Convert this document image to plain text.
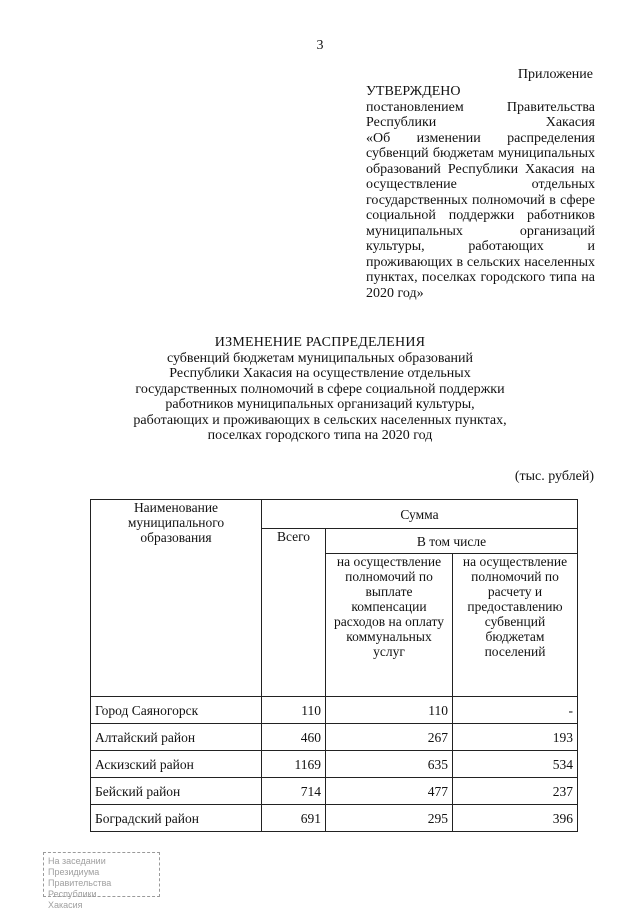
3
Приложение
УТВЕРЖДЕНО
постановлением Правительства
Республики Хакасия
«Об изменении распределения
субвенций бюджетам муниципальных
образований Республики Хакасия на
осуществление отдельных
государственных полномочий в сфере
социальной поддержки работников
муниципальных организаций
культуры, работающих и
проживающих в сельских населенных
пунктах, поселках городского типа на
2020 год»
ИЗМЕНЕНИЕ РАСПРЕДЕЛЕНИЯ
субвенций бюджетам муниципальных образований
Республики Хакасия на осуществление отдельных
государственных полномочий в сфере социальной поддержки
работников муниципальных организаций культуры,
работающих и проживающих в сельских населенных пунктах,
поселках городского типа на 2020 год
(тыс. рублей)
Наименование муниципального образования	Сумма		
	Всего	В том числе	
		на осуществление полномочий по выплате компенсации расходов на оплату коммунальных услуг	на осуществление полномочий по расчету и предоставлению субвенций бюджетам поселений
Город Саяногорск	110	110	-
Алтайский район	460	267	193
Аскизский район	1169	635	534
Бейский район	714	477	237
Боградский район	691	295	396
На заседании Президиума
Правительства Республики
Хакасия
